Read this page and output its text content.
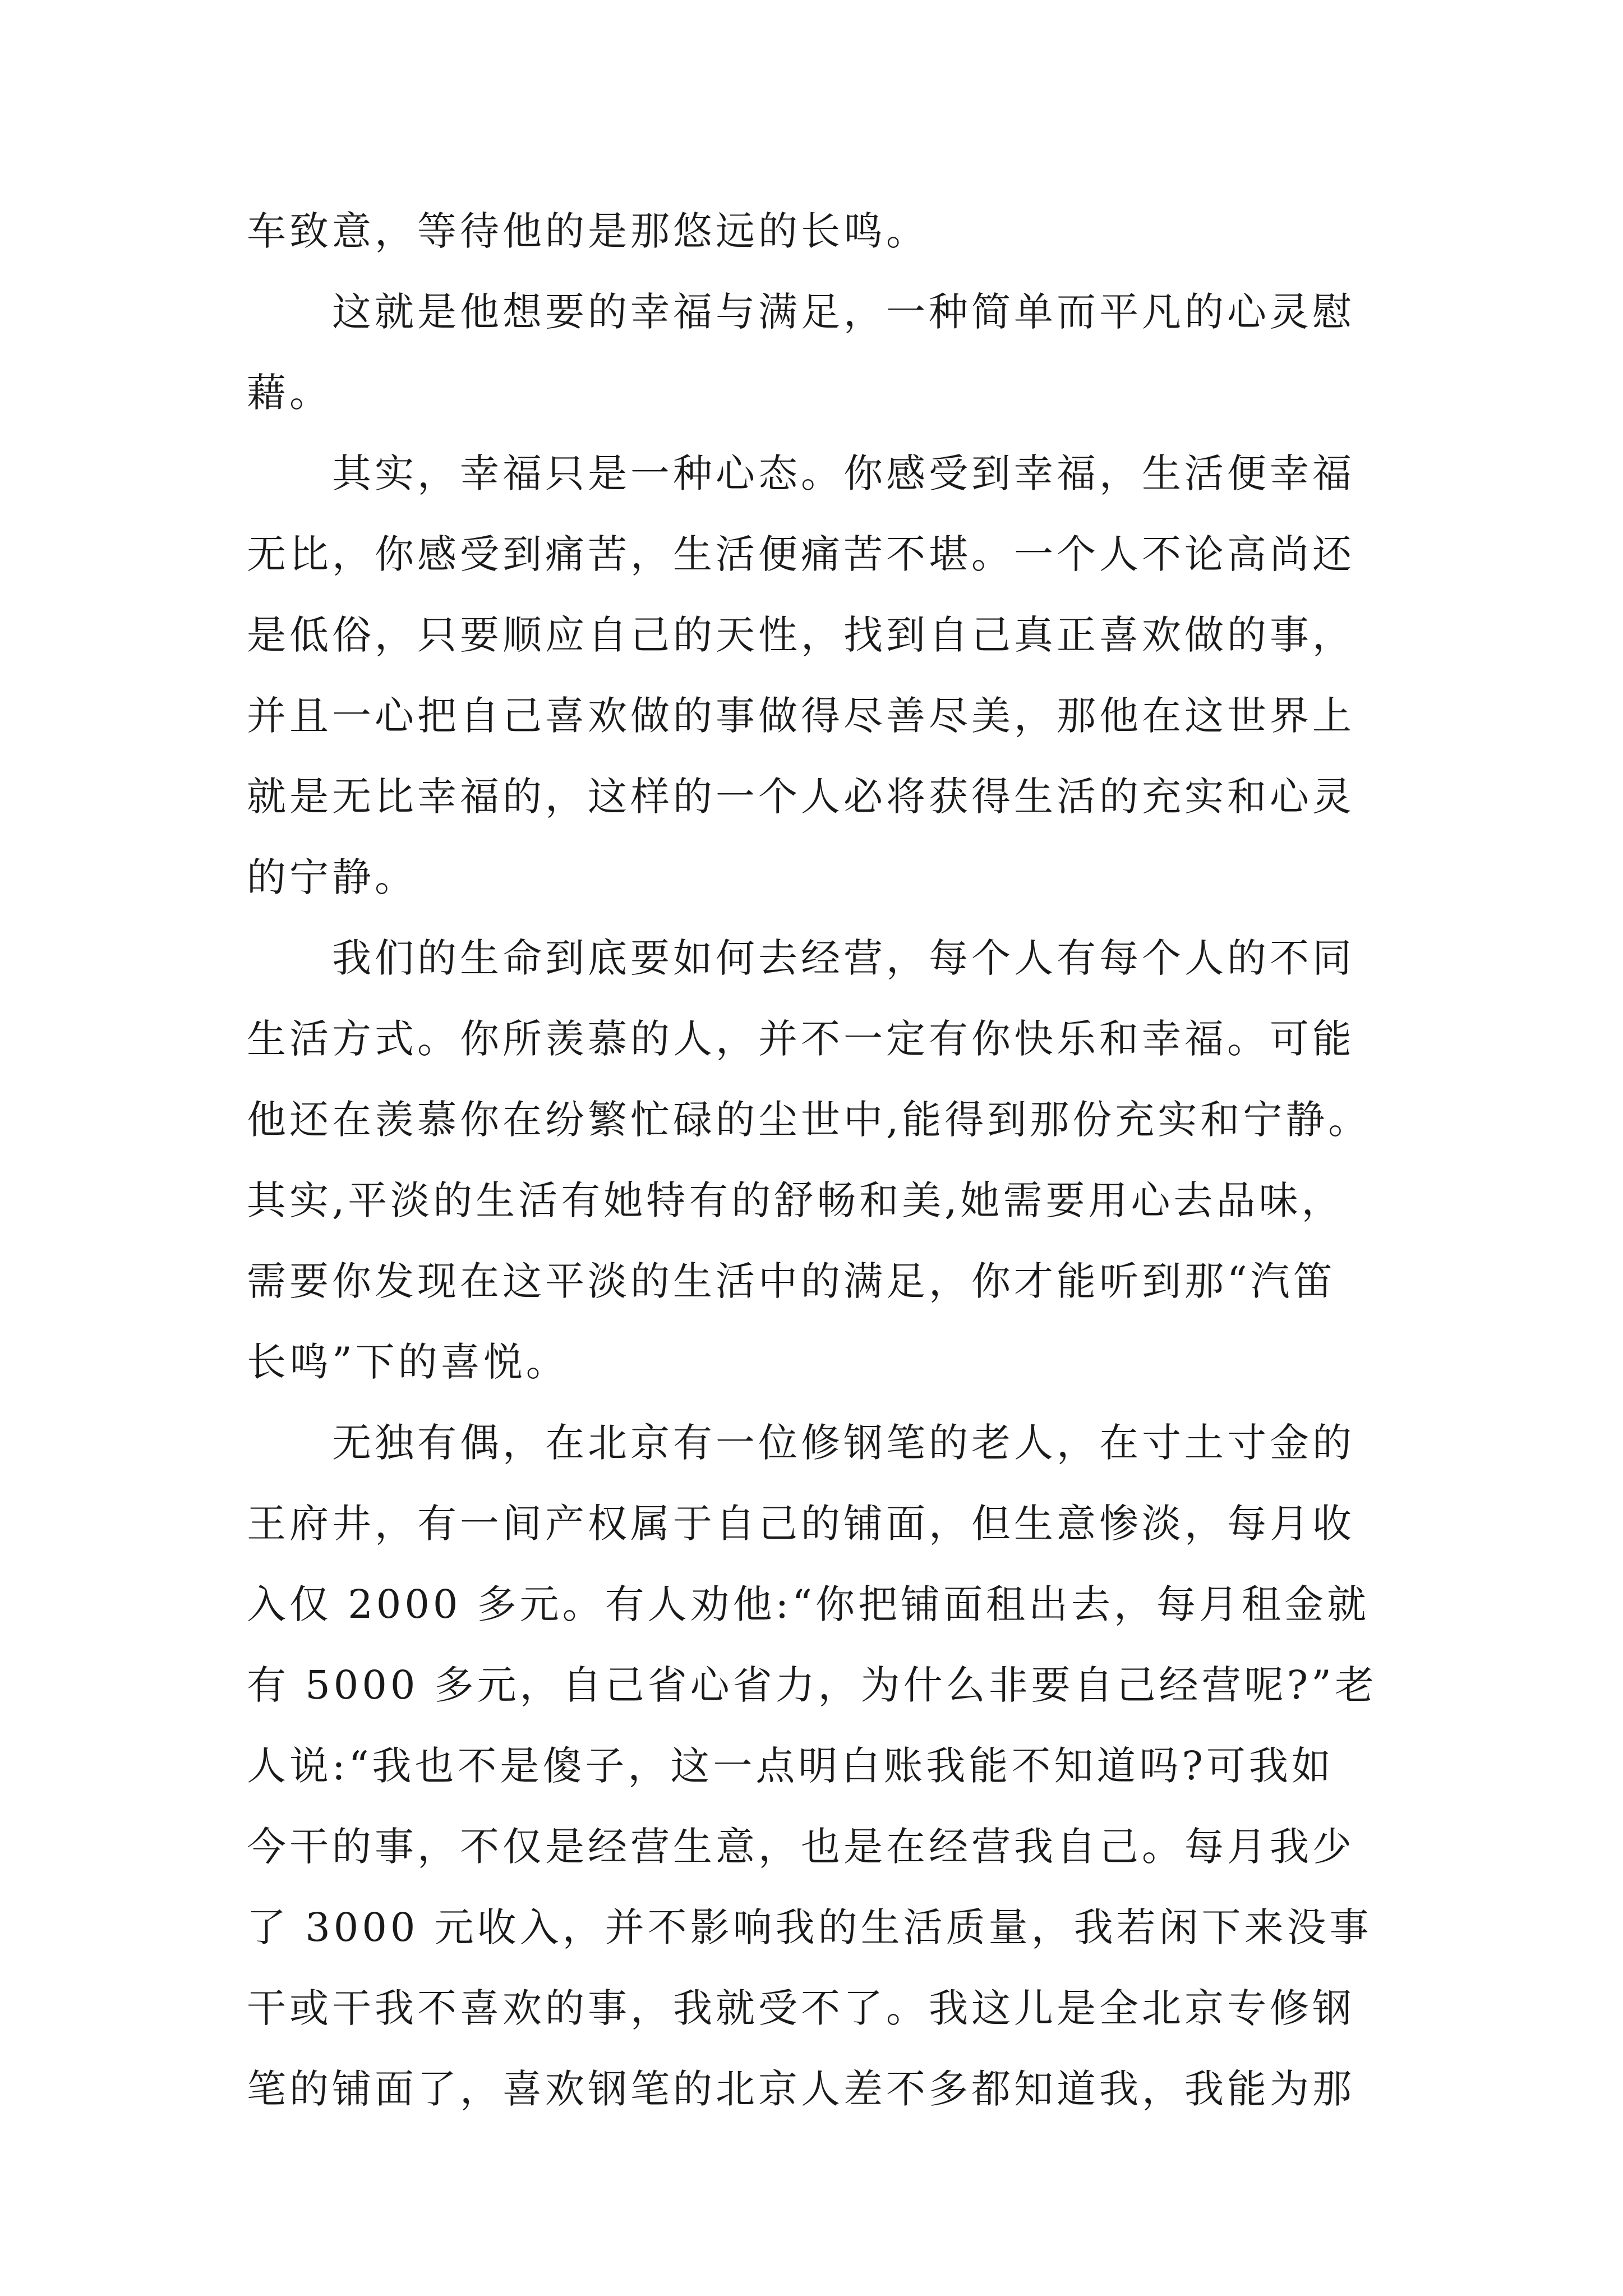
车致意，等待他的是那悠远的长鸣。
这就是他想要的幸福与满足，一种简单而平凡的心灵慰
藉。
其实，幸福只是一种心态。你感受到幸福，生活便幸福
无比，你感受到痛苦，生活便痛苦不堪。一个人不论高尚还
是低俗，只要顺应自己的天性，找到自己真正喜欢做的事，
并且一心把自己喜欢做的事做得尽善尽美，那他在这世界上
就是无比幸福的，这样的一个人必将获得生活的充实和心灵
的宁静。
我们的生命到底要如何去经营，每个人有每个人的不同
生活方式。你所羡慕的人，并不一定有你快乐和幸福。可能
他还在羡慕你在纷繁忙碌的尘世中,能得到那份充实和宁静。
其实,平淡的生活有她特有的舒畅和美,她需要用心去品味，
需要你发现在这平淡的生活中的满足，你才能听到那“汽笛
长鸣”下的喜悦。
无独有偶，在北京有一位修钢笔的老人，在寸土寸金的
王府井，有一间产权属于自己的铺面，但生意惨淡，每月收
入仅 2000 多元。有人劝他:“你把铺面租出去，每月租金就
有 5000 多元，自己省心省力，为什么非要自己经营呢?”老
人说:“我也不是傻子，这一点明白账我能不知道吗?可我如
今干的事，不仅是经营生意，也是在经营我自己。每月我少
了 3000 元收入，并不影响我的生活质量，我若闲下来没事
干或干我不喜欢的事，我就受不了。我这儿是全北京专修钢
笔的铺面了，喜欢钢笔的北京人差不多都知道我，我能为那
